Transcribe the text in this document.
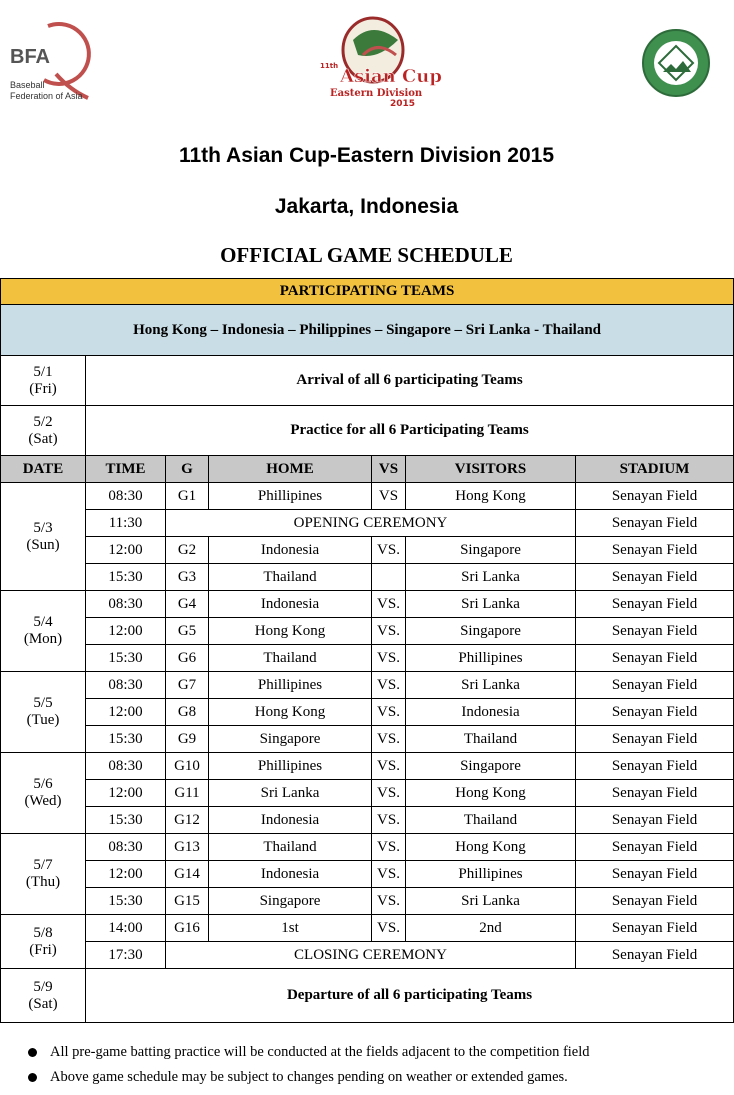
BFA
Baseball
Federation of Asia
11th Asian Cup
Eastern Division
2015
11th Asian Cup-Eastern Division 2015
Jakarta, Indonesia
OFFICIAL GAME SCHEDULE
PARTICIPATING TEAMS						
Hong Kong – Indonesia – Philippines – Singapore – Sri Lanka - Thailand						

5/1
(Fri)	Arrival of all 6 participating Teams					

5/2
(Sat)	Practice for all 6 Participating Teams					
DATE	TIME	G	HOME	VS	VISITORS	STADIUM

5/3
(Sun)	08:30	G1	Phillipines	VS	Hong Kong	Senayan Field
	11:30	OPENING CEREMONY				Senayan Field
	12:00	G2	Indonesia	VS.	Singapore	Senayan Field
	15:30	G3	Thailand		Sri Lanka	Senayan Field

5/4
(Mon)	08:30	G4	Indonesia	VS.	Sri Lanka	Senayan Field
	12:00	G5	Hong Kong	VS.	Singapore	Senayan Field
	15:30	G6	Thailand	VS.	Phillipines	Senayan Field

5/5
(Tue)	08:30	G7	Phillipines	VS.	Sri Lanka	Senayan Field
	12:00	G8	Hong Kong	VS.	Indonesia	Senayan Field
	15:30	G9	Singapore	VS.	Thailand	Senayan Field

5/6
(Wed)	08:30	G10	Phillipines	VS.	Singapore	Senayan Field
	12:00	G11	Sri Lanka	VS.	Hong Kong	Senayan Field
	15:30	G12	Indonesia	VS.	Thailand	Senayan Field

5/7
(Thu)	08:30	G13	Thailand	VS.	Hong Kong	Senayan Field
	12:00	G14	Indonesia	VS.	Phillipines	Senayan Field
	15:30	G15	Singapore	VS.	Sri Lanka	Senayan Field

5/8
(Fri)	14:00	G16	1st	VS.	2nd	Senayan Field
	17:30	CLOSING CEREMONY				Senayan Field

5/9
(Sat)	Departure of all 6 participating Teams					
All pre-game batting practice will be conducted at the fields adjacent to the competition field
Above game schedule may be subject to changes pending on weather or extended games.
